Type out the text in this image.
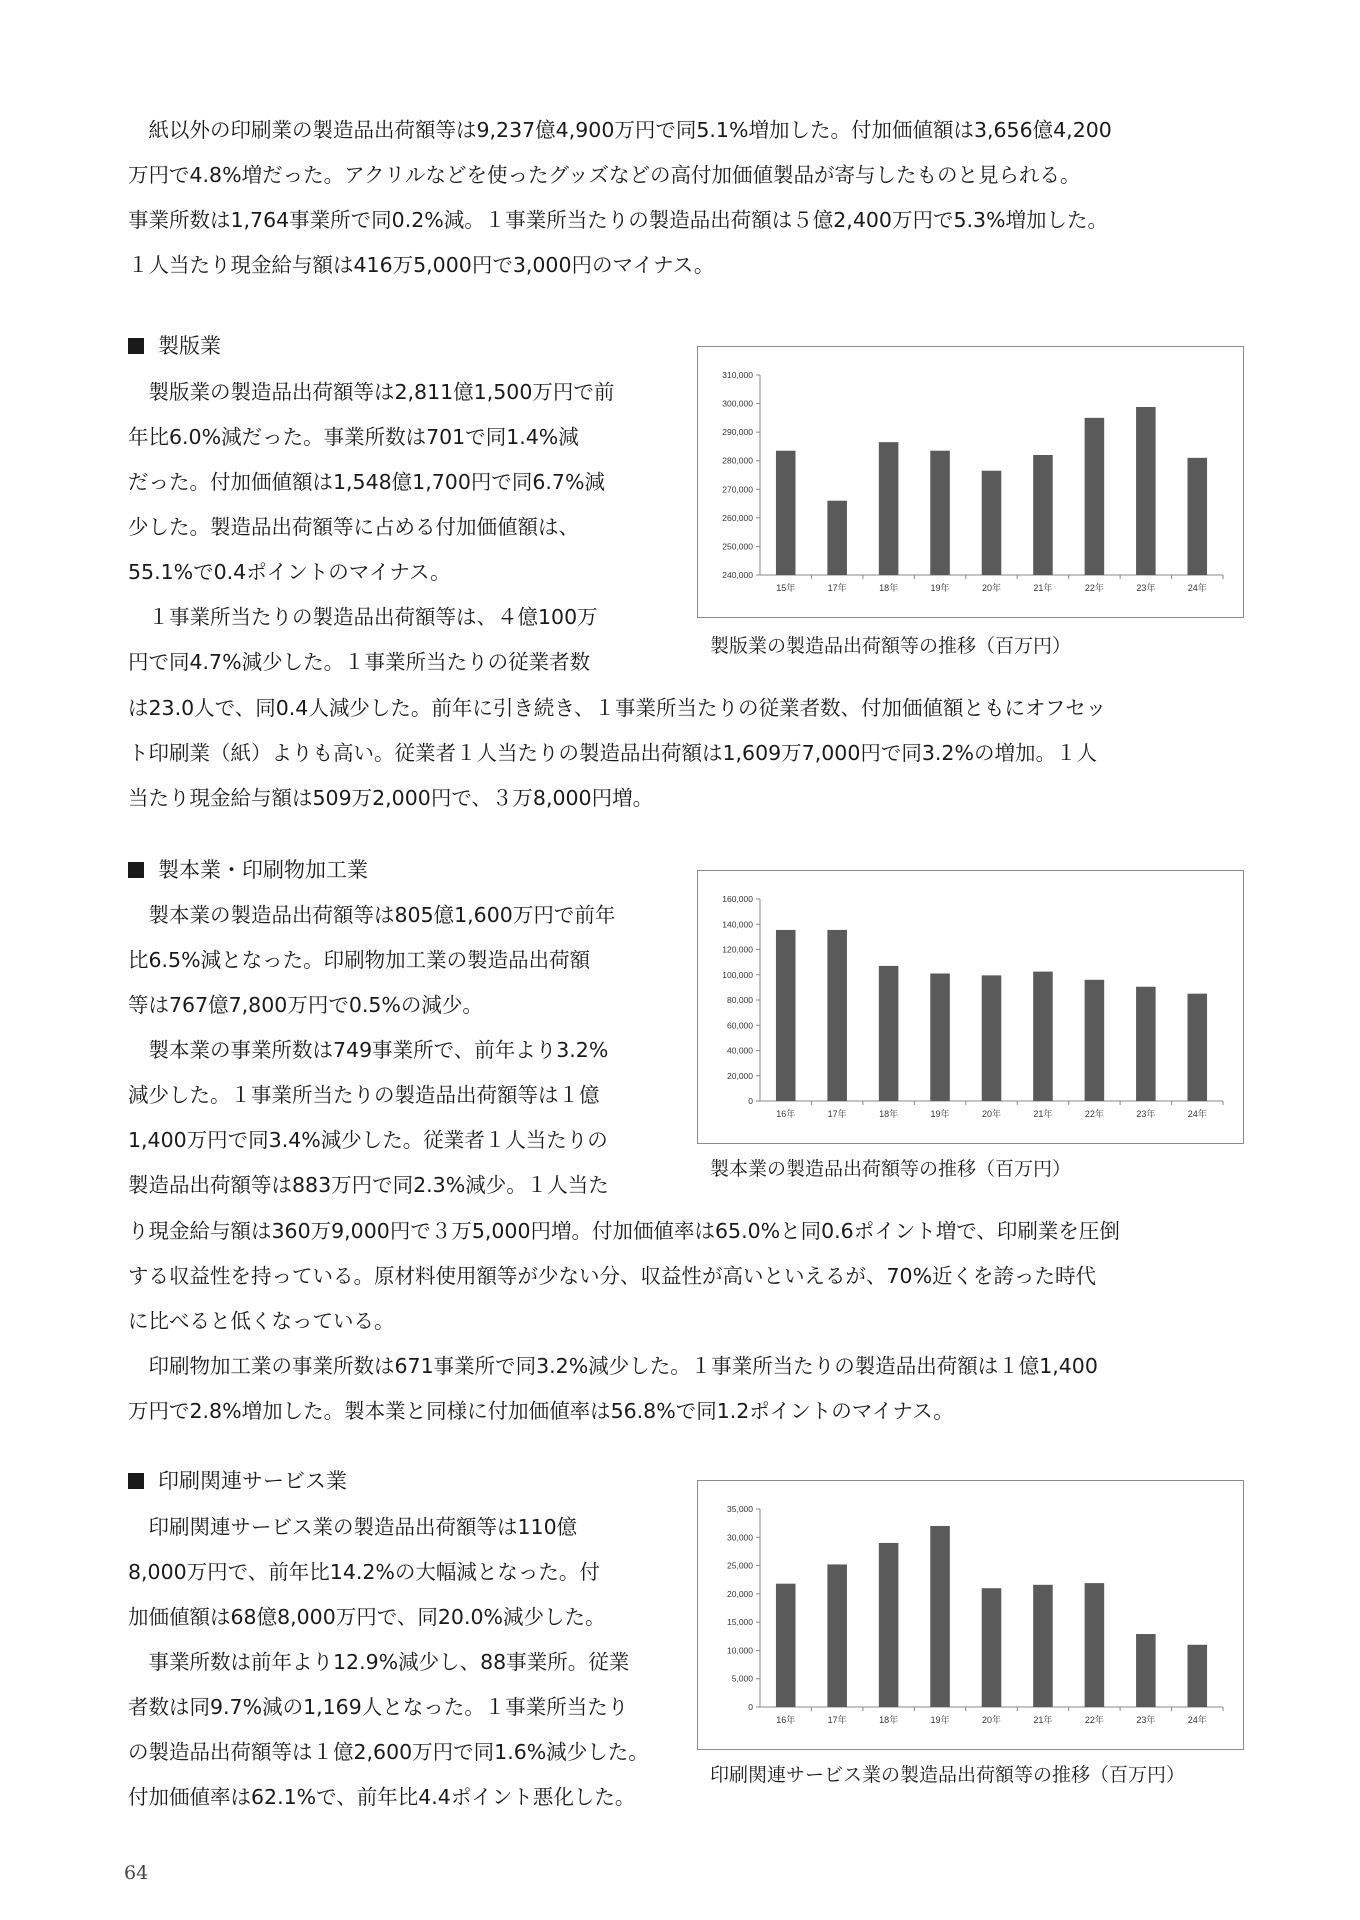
　紙以外の印刷業の製造品出荷額等は9,237億4,900万円で同5.1%増加した。付加価値額は3,656億4,200

万円で4.8%増だった。アクリルなどを使ったグッズなどの高付加価値製品が寄与したものと見られる。

事業所数は1,764事業所で同0.2%減。１事業所当たりの製造品出荷額は５億2,400万円で5.3%増加した。

１人当たり現金給与額は416万5,000円で3,000円のマイナス。

製版業

　製版業の製造品出荷額等は2,811億1,500万円で前

年比6.0%減だった。事業所数は701で同1.4%減

だった。付加価値額は1,548億1,700円で同6.7%減

少した。製造品出荷額等に占める付加価値額は、

55.1%で0.4ポイントのマイナス。

　１事業所当たりの製造品出荷額等は、４億100万

円で同4.7%減少した。１事業所当たりの従業者数

は23.0人で、同0.4人減少した。前年に引き続き、１事業所当たりの従業者数、付加価値額ともにオフセッ

ト印刷業（紙）よりも高い。従業者１人当たりの製造品出荷額は1,609万7,000円で同3.2%の増加。１人

当たり現金給与額は509万2,000円で、３万8,000円増。

240,000
250,000
260,000
270,000
280,000
290,000
300,000
310,000
15年	17年	18年	19年	20年	21年	22年	23年	24年

製版業の製造品出荷額等の推移（百万円）

製本業・印刷物加工業

　製本業の製造品出荷額等は805億1,600万円で前年

比6.5%減となった。印刷物加工業の製造品出荷額

等は767億7,800万円で0.5%の減少。

　製本業の事業所数は749事業所で、前年より3.2%

減少した。１事業所当たりの製造品出荷額等は１億

1,400万円で同3.4%減少した。従業者１人当たりの

製造品出荷額等は883万円で同2.3%減少。１人当た

り現金給与額は360万9,000円で３万5,000円増。付加価値率は65.0%と同0.6ポイント増で、印刷業を圧倒

する収益性を持っている。原材料使用額等が少ない分、収益性が高いといえるが、70%近くを誇った時代

に比べると低くなっている。

　印刷物加工業の事業所数は671事業所で同3.2%減少した。１事業所当たりの製造品出荷額は１億1,400

万円で2.8%増加した。製本業と同様に付加価値率は56.8%で同1.2ポイントのマイナス。

0
20,000
40,000
60,000
80,000
100,000
120,000
140,000
160,000
16年	17年	18年	19年	20年	21年	22年	23年	24年

製本業の製造品出荷額等の推移（百万円）

印刷関連サービス業

　印刷関連サービス業の製造品出荷額等は110億

8,000万円で、前年比14.2%の大幅減となった。付

加価値額は68億8,000万円で、同20.0%減少した。

　事業所数は前年より12.9%減少し、88事業所。従業

者数は同9.7%減の1,169人となった。１事業所当たり

の製造品出荷額等は１億2,600万円で同1.6%減少した。

付加価値率は62.1%で、前年比4.4ポイント悪化した。

0
5,000
10,000
15,000
20,000
25,000
30,000
35,000
16年	17年	18年	19年	20年	21年	22年	23年	24年

印刷関連サービス業の製造品出荷額等の推移（百万円）

64
